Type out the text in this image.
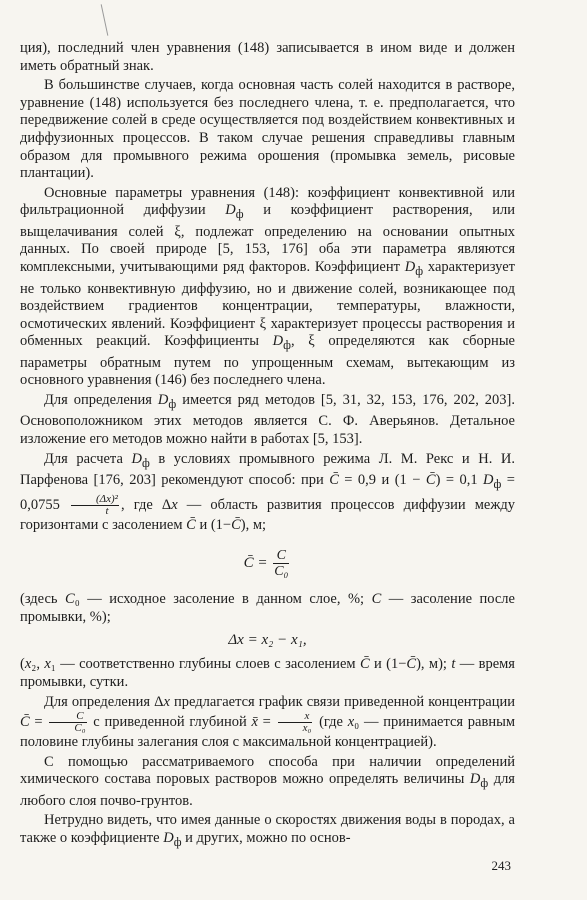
ция), последний член уравнения (148) записывается в ином виде и должен иметь обратный знак.

В большинстве случаев, когда основная часть солей находится в растворе, уравнение (148) используется без последнего члена, т. е. предполагается, что передвижение солей в среде осуществляется под воздействием конвективных и диффузионных процессов. В таком случае решения справедливы главным образом для промывного режима орошения (промывка земель, рисовые плантации).

Основные параметры уравнения (148): коэффициент конвективной или фильтрационной диффузии $D_ф$ и коэффициент растворения, или выщелачивания солей ξ, подлежат определению на основании опытных данных. По своей природе [5, 153, 176] оба эти параметра являются комплексными, учитывающими ряд факторов. Коэффициент $D_ф$ характеризует не только конвективную диффузию, но и движение солей, возникающее под воздействием градиентов концентрации, температуры, влажности, осмотических явлений. Коэффициент ξ характеризует процессы растворения и обменных реакций. Коэффициенты $D_ф$, ξ определяются как сборные параметры обратным путем по упрощенным схемам, вытекающим из основного уравнения (146) без последнего члена.

Для определения $D_ф$ имеется ряд методов [5, 31, 32, 153, 176, 202, 203]. Основоположником этих методов является С. Ф. Аверьянов. Детальное изложение его методов можно найти в работах [5, 153].

Для расчета $D_ф$ в условиях промывного режима Л. М. Рекс и Н. И. Парфенова [176, 203] рекомендуют способ: при C̄ = 0,9 и (1 − C̄) = 0,1 $D_ф = 0,0755 \frac{\text{(Δx)²}}{t}$ , где Δx — область развития процессов диффузии между горизонтами с засолением C̄ и (1−C̄), м;

C̄ = $\frac{C}{\text{C₀}}$

(здесь C₀ — исходное засоление в данном слое, %; C — засоление после промывки, %);

Δx = x₂ − x₁,

(x₂, x₁ — соответственно глубины слоев с засолением C̄ и (1−C̄), м); t — время промывки, сутки.

Для определения Δx предлагается график связи приведенной концентрации C̄ = $\frac{C}{\text{C₀}}$ с приведенной глубиной x̄ = $\frac{x}{\text{x₀}} (где$ x₀ — принимается равным половине глубины залегания слоя с максимальной концентрацией).

С помощью рассматриваемого способа при наличии определений химического состава поровых растворов можно определять величины $D_ф$ для любого слоя почво-грунтов.

Нетрудно видеть, что имея данные о скоростях движения воды в породах, а также о коэффициенте $D_ф$ и других, можно по основ-

243
